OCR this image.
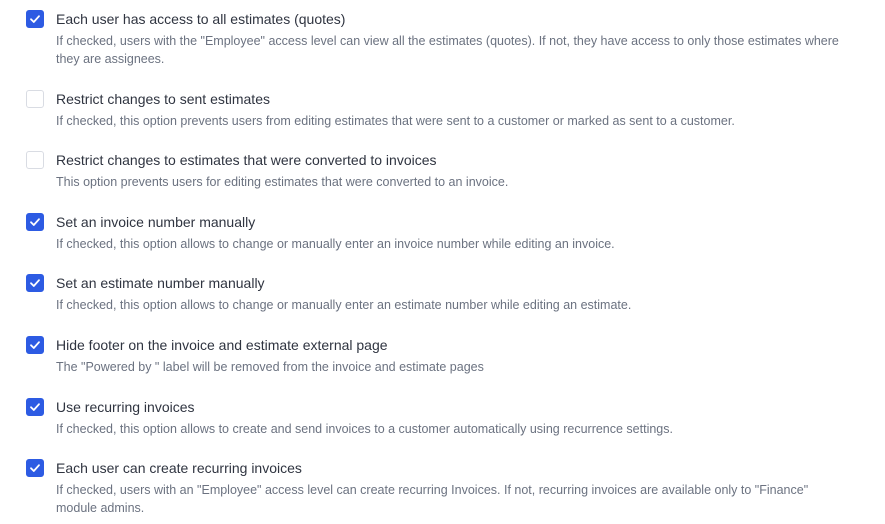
Each user has access to all estimates (quotes)
If checked, users with the "Employee" access level can view all the estimates (quotes). If not, they have access to only those estimates where they are assignees.
Restrict changes to sent estimates
If checked, this option prevents users from editing estimates that were sent to a customer or marked as sent to a customer.
Restrict changes to estimates that were converted to invoices
This option prevents users for editing estimates that were converted to an invoice.
Set an invoice number manually
If checked, this option allows to change or manually enter an invoice number while editing an invoice.
Set an estimate number manually
If checked, this option allows to change or manually enter an estimate number while editing an estimate.
Hide footer on the invoice and estimate external page
The "Powered by " label will be removed from the invoice and estimate pages
Use recurring invoices
If checked, this option allows to create and send invoices to a customer automatically using recurrence settings.
Each user can create recurring invoices
If checked, users with an "Employee" access level can create recurring Invoices. If not, recurring invoices are available only to "Finance" module admins.
